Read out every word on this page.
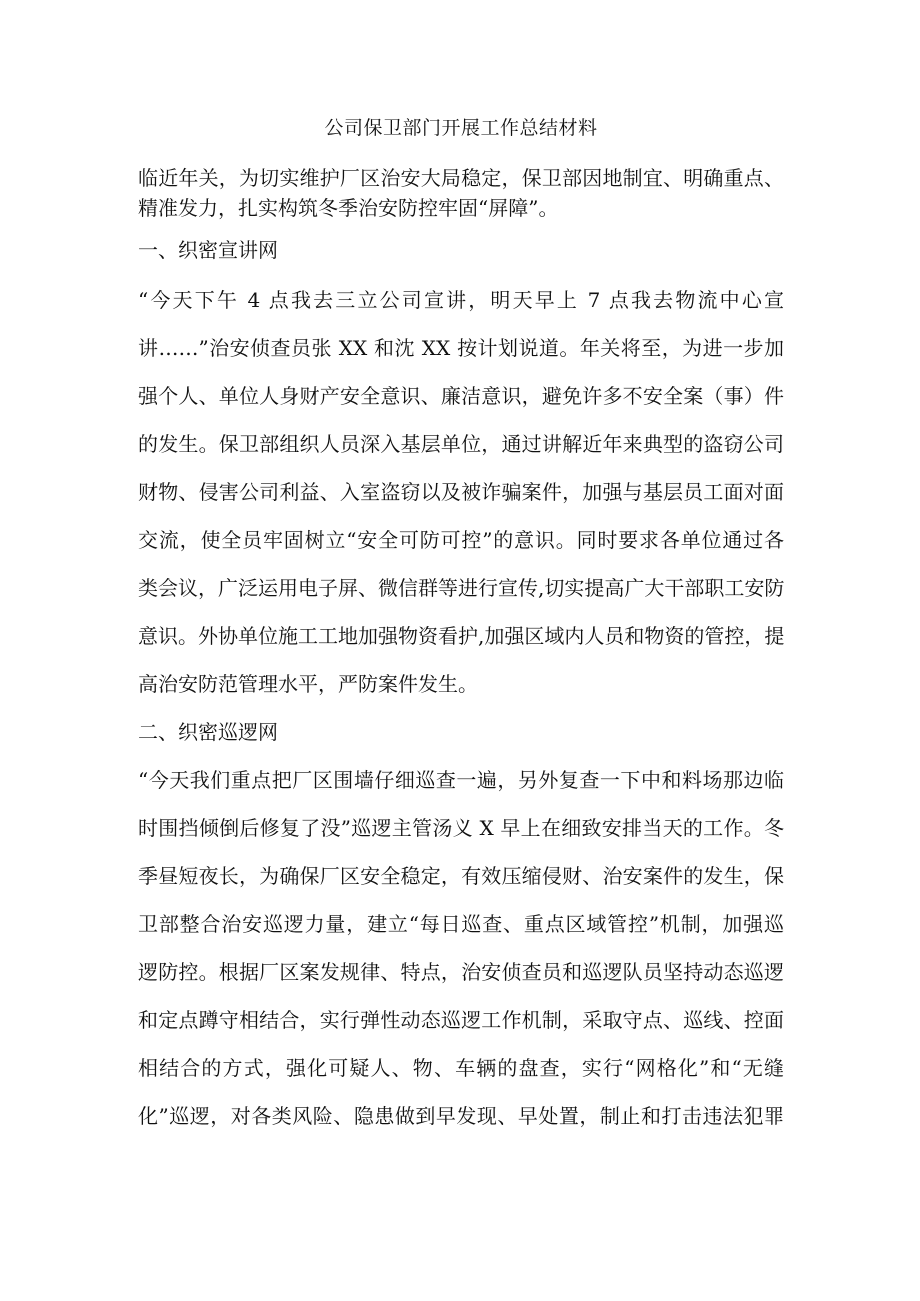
公司保卫部门开展工作总结材料
临近年关，为切实维护厂区治安大局稳定，保卫部因地制宜、明确重点、
精准发力，扎实构筑冬季治安防控牢固“屏障”。
一、织密宣讲网
“今天下午 4 点我去三立公司宣讲，明天早上 7 点我去物流中心宣
讲……”治安侦查员张 XX 和沈 XX 按计划说道。年关将至，为进一步加
强个人、单位人身财产安全意识、廉洁意识，避免许多不安全案（事）件
的发生。保卫部组织人员深入基层单位，通过讲解近年来典型的盗窃公司
财物、侵害公司利益、入室盗窃以及被诈骗案件，加强与基层员工面对面
交流，使全员牢固树立“安全可防可控”的意识。同时要求各单位通过各
类会议，广泛运用电子屏、微信群等进行宣传,切实提高广大干部职工安防
意识。外协单位施工工地加强物资看护,加强区域内人员和物资的管控，提
高治安防范管理水平，严防案件发生。
二、织密巡逻网
“今天我们重点把厂区围墙仔细巡查一遍，另外复查一下中和料场那边临
时围挡倾倒后修复了没”巡逻主管汤义 X 早上在细致安排当天的工作。冬
季昼短夜长，为确保厂区安全稳定，有效压缩侵财、治安案件的发生，保
卫部整合治安巡逻力量，建立“每日巡查、重点区域管控”机制，加强巡
逻防控。根据厂区案发规律、特点，治安侦查员和巡逻队员坚持动态巡逻
和定点蹲守相结合，实行弹性动态巡逻工作机制，采取守点、巡线、控面
相结合的方式，强化可疑人、物、车辆的盘查，实行“网格化”和“无缝
化”巡逻，对各类风险、隐患做到早发现、早处置，制止和打击违法犯罪
